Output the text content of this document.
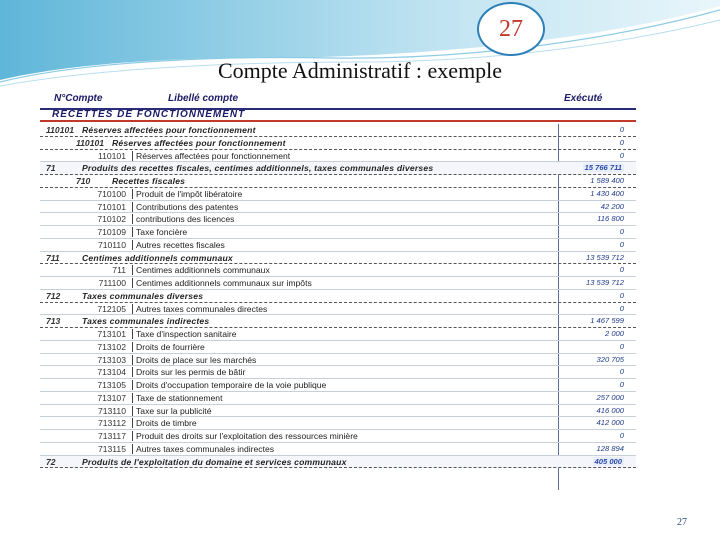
27
Compte Administratif : exemple
N°Compte	Libellé compte	Exécuté
RECETTES DE FONCTIONNEMENT
110101 Réserves affectées pour fonctionnement	0
110101 Réserves affectées pour fonctionnement	0
110101	Réserves affectées pour fonctionnement	0
71	Produits des recettes fiscales, centimes additionnels, taxes communales diverses	15 766 711
710	Recettes fiscales	1 589 400
710100	Produit de l'impôt libératoire	1 430 400
710101	Contributions des patentes	42 200
710102	contributions des licences	116 800
710109	Taxe foncière	0
710110	Autres recettes fiscales	0
711	Centimes additionnels communaux	13 539 712
711	Centimes additionnels communaux	0
711100	Centimes additionnels communaux sur impôts	13 539 712
712	Taxes communales diverses	0
712105	Autres taxes communales directes	0
713	Taxes communales indirectes	1 467 599
713101	Taxe d'inspection sanitaire	2 000
713102	Droits de fourrière	0
713103	Droits de place sur les marchés	320 705
713104	Droits sur les permis de bâtir	0
713105	Droits d'occupation temporaire de la voie publique	0
713107	Taxe de stationnement	257 000
713110	Taxe sur la publicité	416 000
713112	Droits de timbre	412 000
713117	Produit des droits sur l'exploitation des ressources minière	0
713115	Autres taxes communales indirectes	128 894
72	Produits de l'exploitation du domaine et services communaux	405 000
27
